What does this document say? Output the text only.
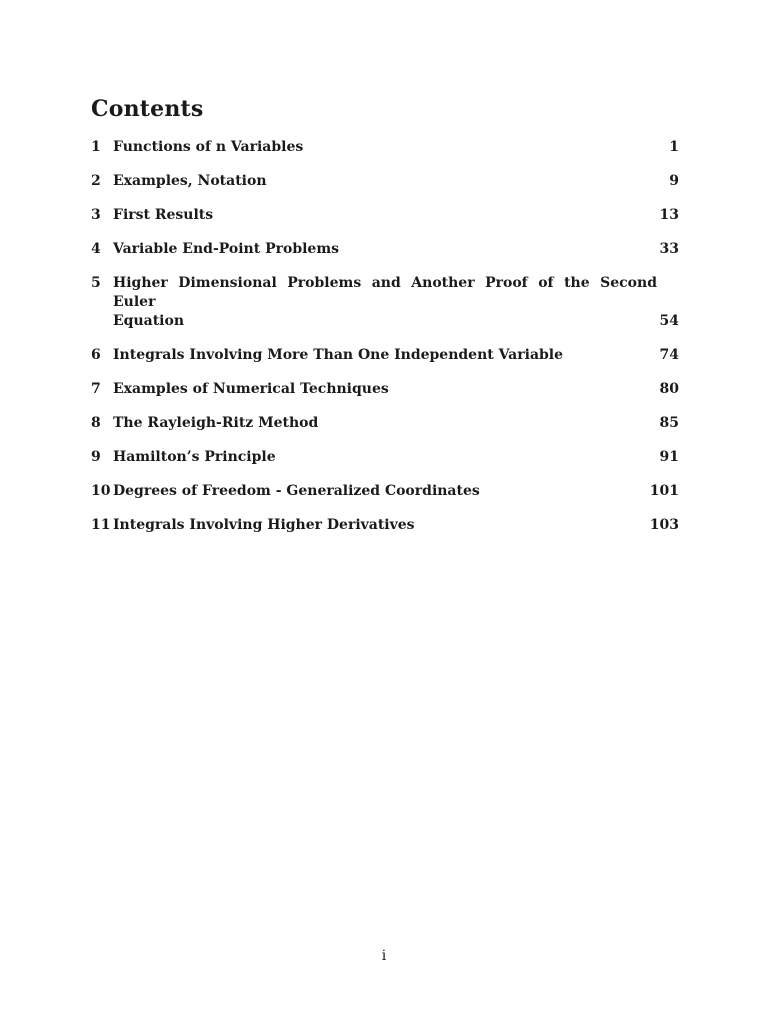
Contents
1 Functions of n Variables	1
2 Examples, Notation	9
3 First Results	13
4 Variable End-Point Problems	33
5 Higher Dimensional Problems and Another Proof of the Second Euler
Equation	54
6 Integrals Involving More Than One Independent Variable	74
7 Examples of Numerical Techniques	80
8 The Rayleigh-Ritz Method	85
9 Hamilton’s Principle	91
10 Degrees of Freedom - Generalized Coordinates	101
11 Integrals Involving Higher Derivatives	103
i
